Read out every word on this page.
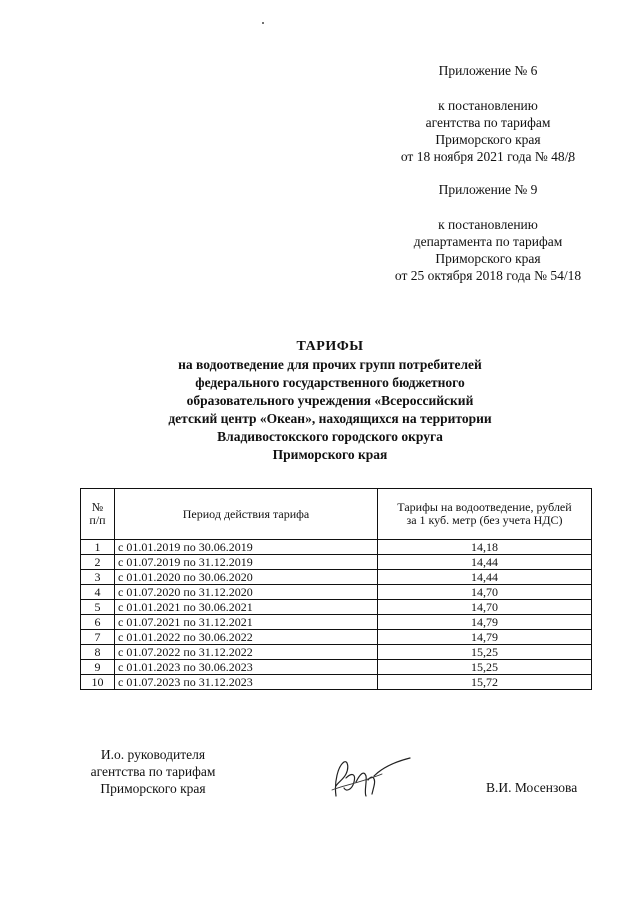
Приложение № 6
к постановлению
агентства по тарифам
Приморского края
от 18 ноября 2021 года № 48/8
Приложение № 9
к постановлению
департамента по тарифам
Приморского края
от 25 октября 2018 года № 54/18
ТАРИФЫ
на водоотведение для прочих групп потребителей
федерального государственного бюджетного
образовательного учреждения «Всероссийский
детский центр «Океан», находящихся на территории
Владивостокского городского округа
Приморского края
№
п/п	Период действия тарифа	Тарифы на водоотведение, рублей за 1 куб. метр (без учета НДС)
1	с 01.01.2019 по 30.06.2019	14,18
2	с 01.07.2019 по 31.12.2019	14,44
3	с 01.01.2020 по 30.06.2020	14,44
4	с 01.07.2020 по 31.12.2020	14,70
5	с 01.01.2021 по 30.06.2021	14,70
6	с 01.07.2021 по 31.12.2021	14,79
7	с 01.01.2022 по 30.06.2022	14,79
8	с 01.07.2022 по 31.12.2022	15,25
9	с 01.01.2023 по 30.06.2023	15,25
10	с 01.07.2023 по 31.12.2023	15,72
И.о. руководителя
агентства по тарифам
Приморского края	В.И. Мосензова
